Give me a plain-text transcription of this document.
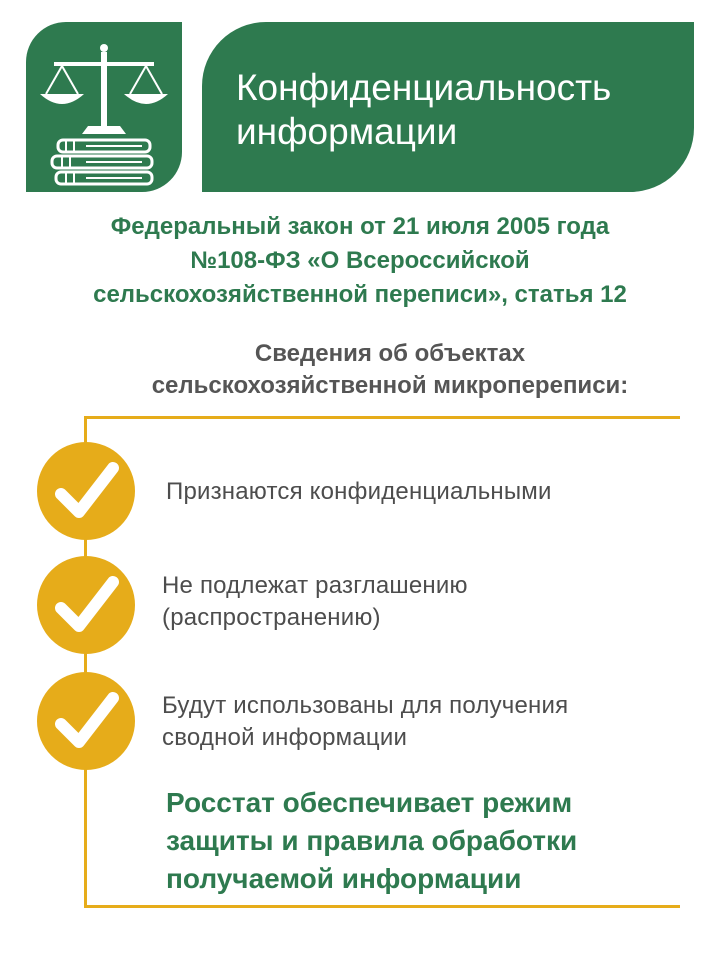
Конфиденциальность
информации
Федеральный закон от 21 июля 2005 года
№108-ФЗ «О Всероссийской
сельскохозяйственной переписи», статья 12
Сведения об объектах
сельскохозяйственной микропереписи:
Признаются конфиденциальными
Не подлежат разглашению
(распространению)
Будут использованы для получения
сводной информации
Росстат обеспечивает режим
защиты и правила обработки
получаемой информации
